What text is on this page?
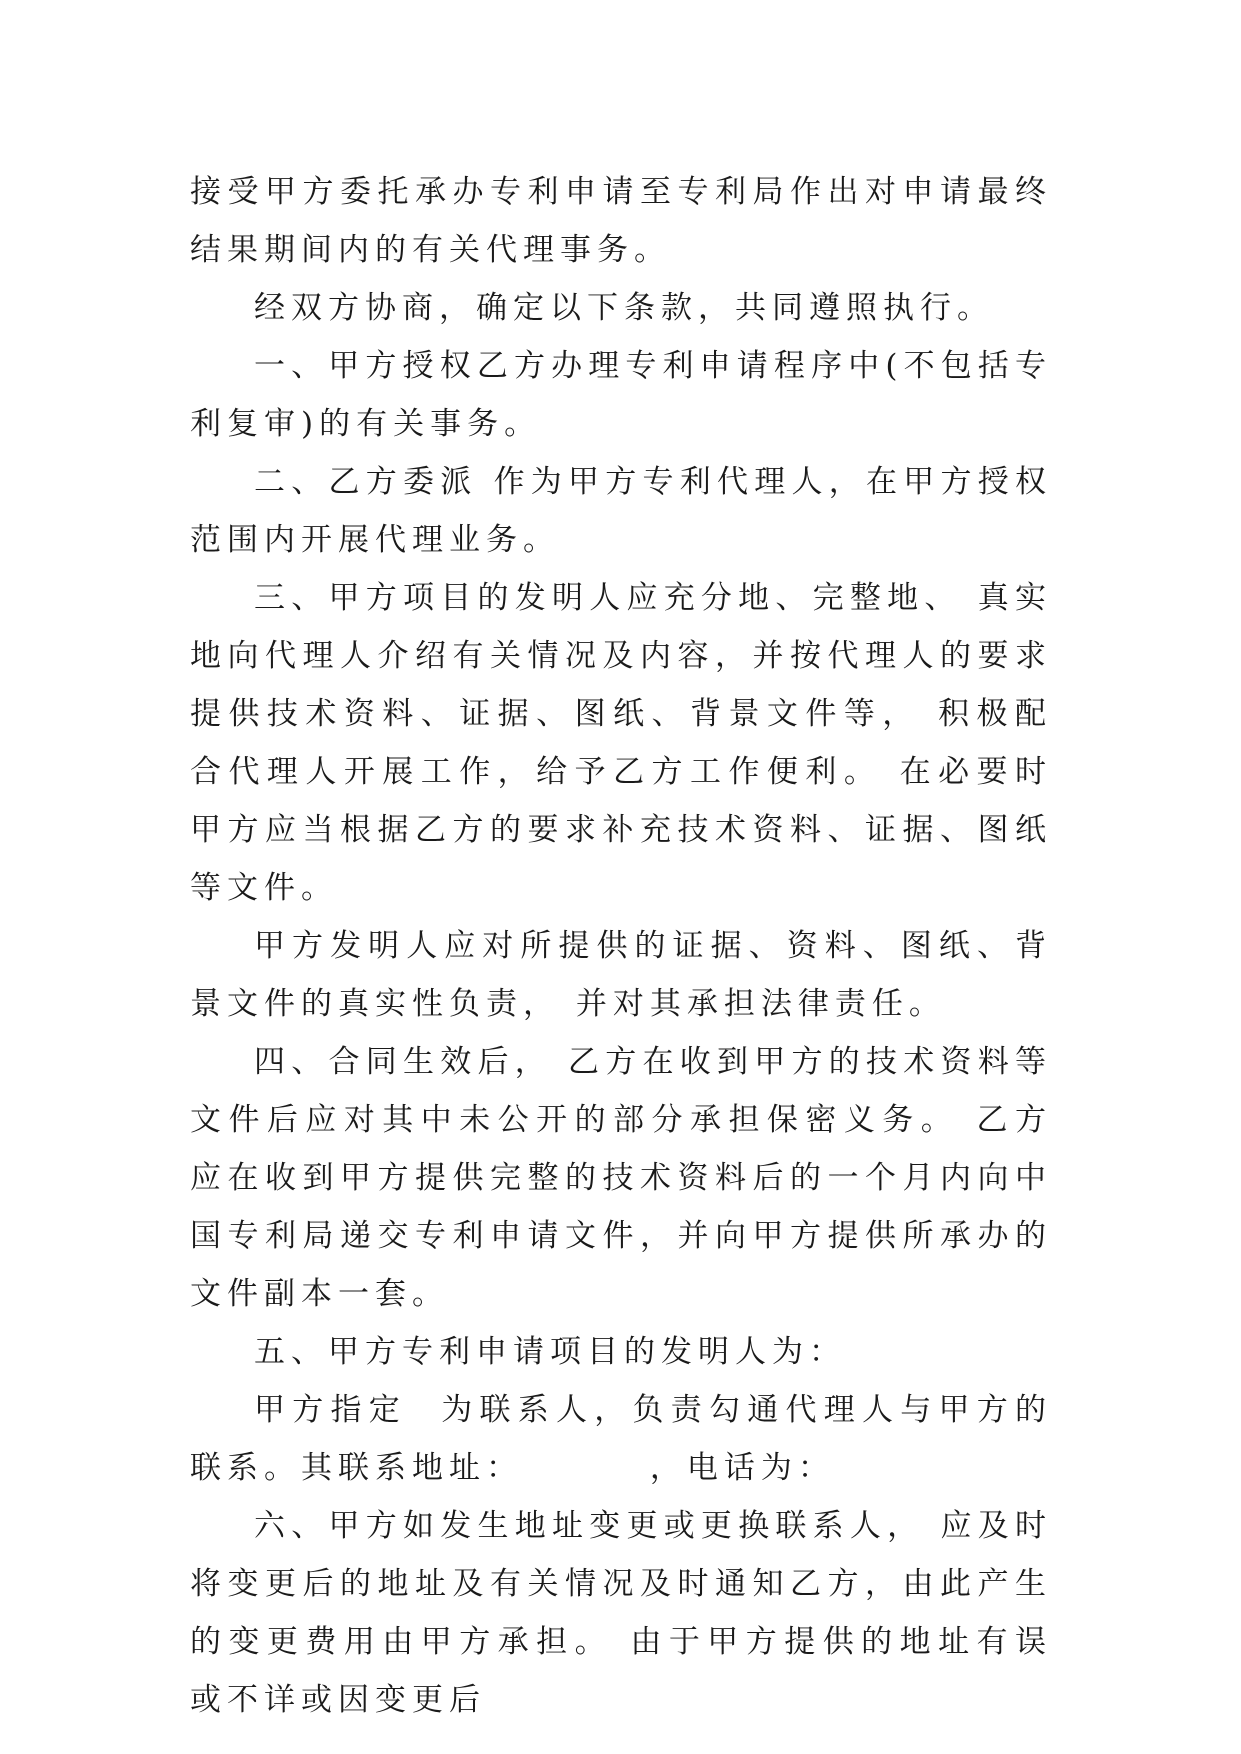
接受甲方委托承办专利申请至专利局作出对申请最终结果期间内的有关代理事务。

经双方协商，确定以下条款，共同遵照执行。

一、甲方授权乙方办理专利申请程序中(不包括专利复审)的有关事务。

二、乙方委派 作为甲方专利代理人，在甲方授权范围内开展代理业务。

三、甲方项目的发明人应充分地、完整地、 真实地向代理人介绍有关情况及内容，并按代理人的要求提供技术资料、证据、图纸、背景文件等， 积极配合代理人开展工作，给予乙方工作便利。 在必要时甲方应当根据乙方的要求补充技术资料、证据、图纸等文件。

甲方发明人应对所提供的证据、资料、图纸、背景文件的真实性负责， 并对其承担法律责任。

四、合同生效后， 乙方在收到甲方的技术资料等文件后应对其中未公开的部分承担保密义务。 乙方应在收到甲方提供完整的技术资料后的一个月内向中国专利局递交专利申请文件，并向甲方提供所承办的文件副本一套。

五、甲方专利申请项目的发明人为：

甲方指定  为联系人，负责勾通代理人与甲方的联系。其联系地址：        ，电话为：

六、甲方如发生地址变更或更换联系人， 应及时将变更后的地址及有关情况及时通知乙方，由此产生的变更费用由甲方承担。 由于甲方提供的地址有误或不详或因变更后
